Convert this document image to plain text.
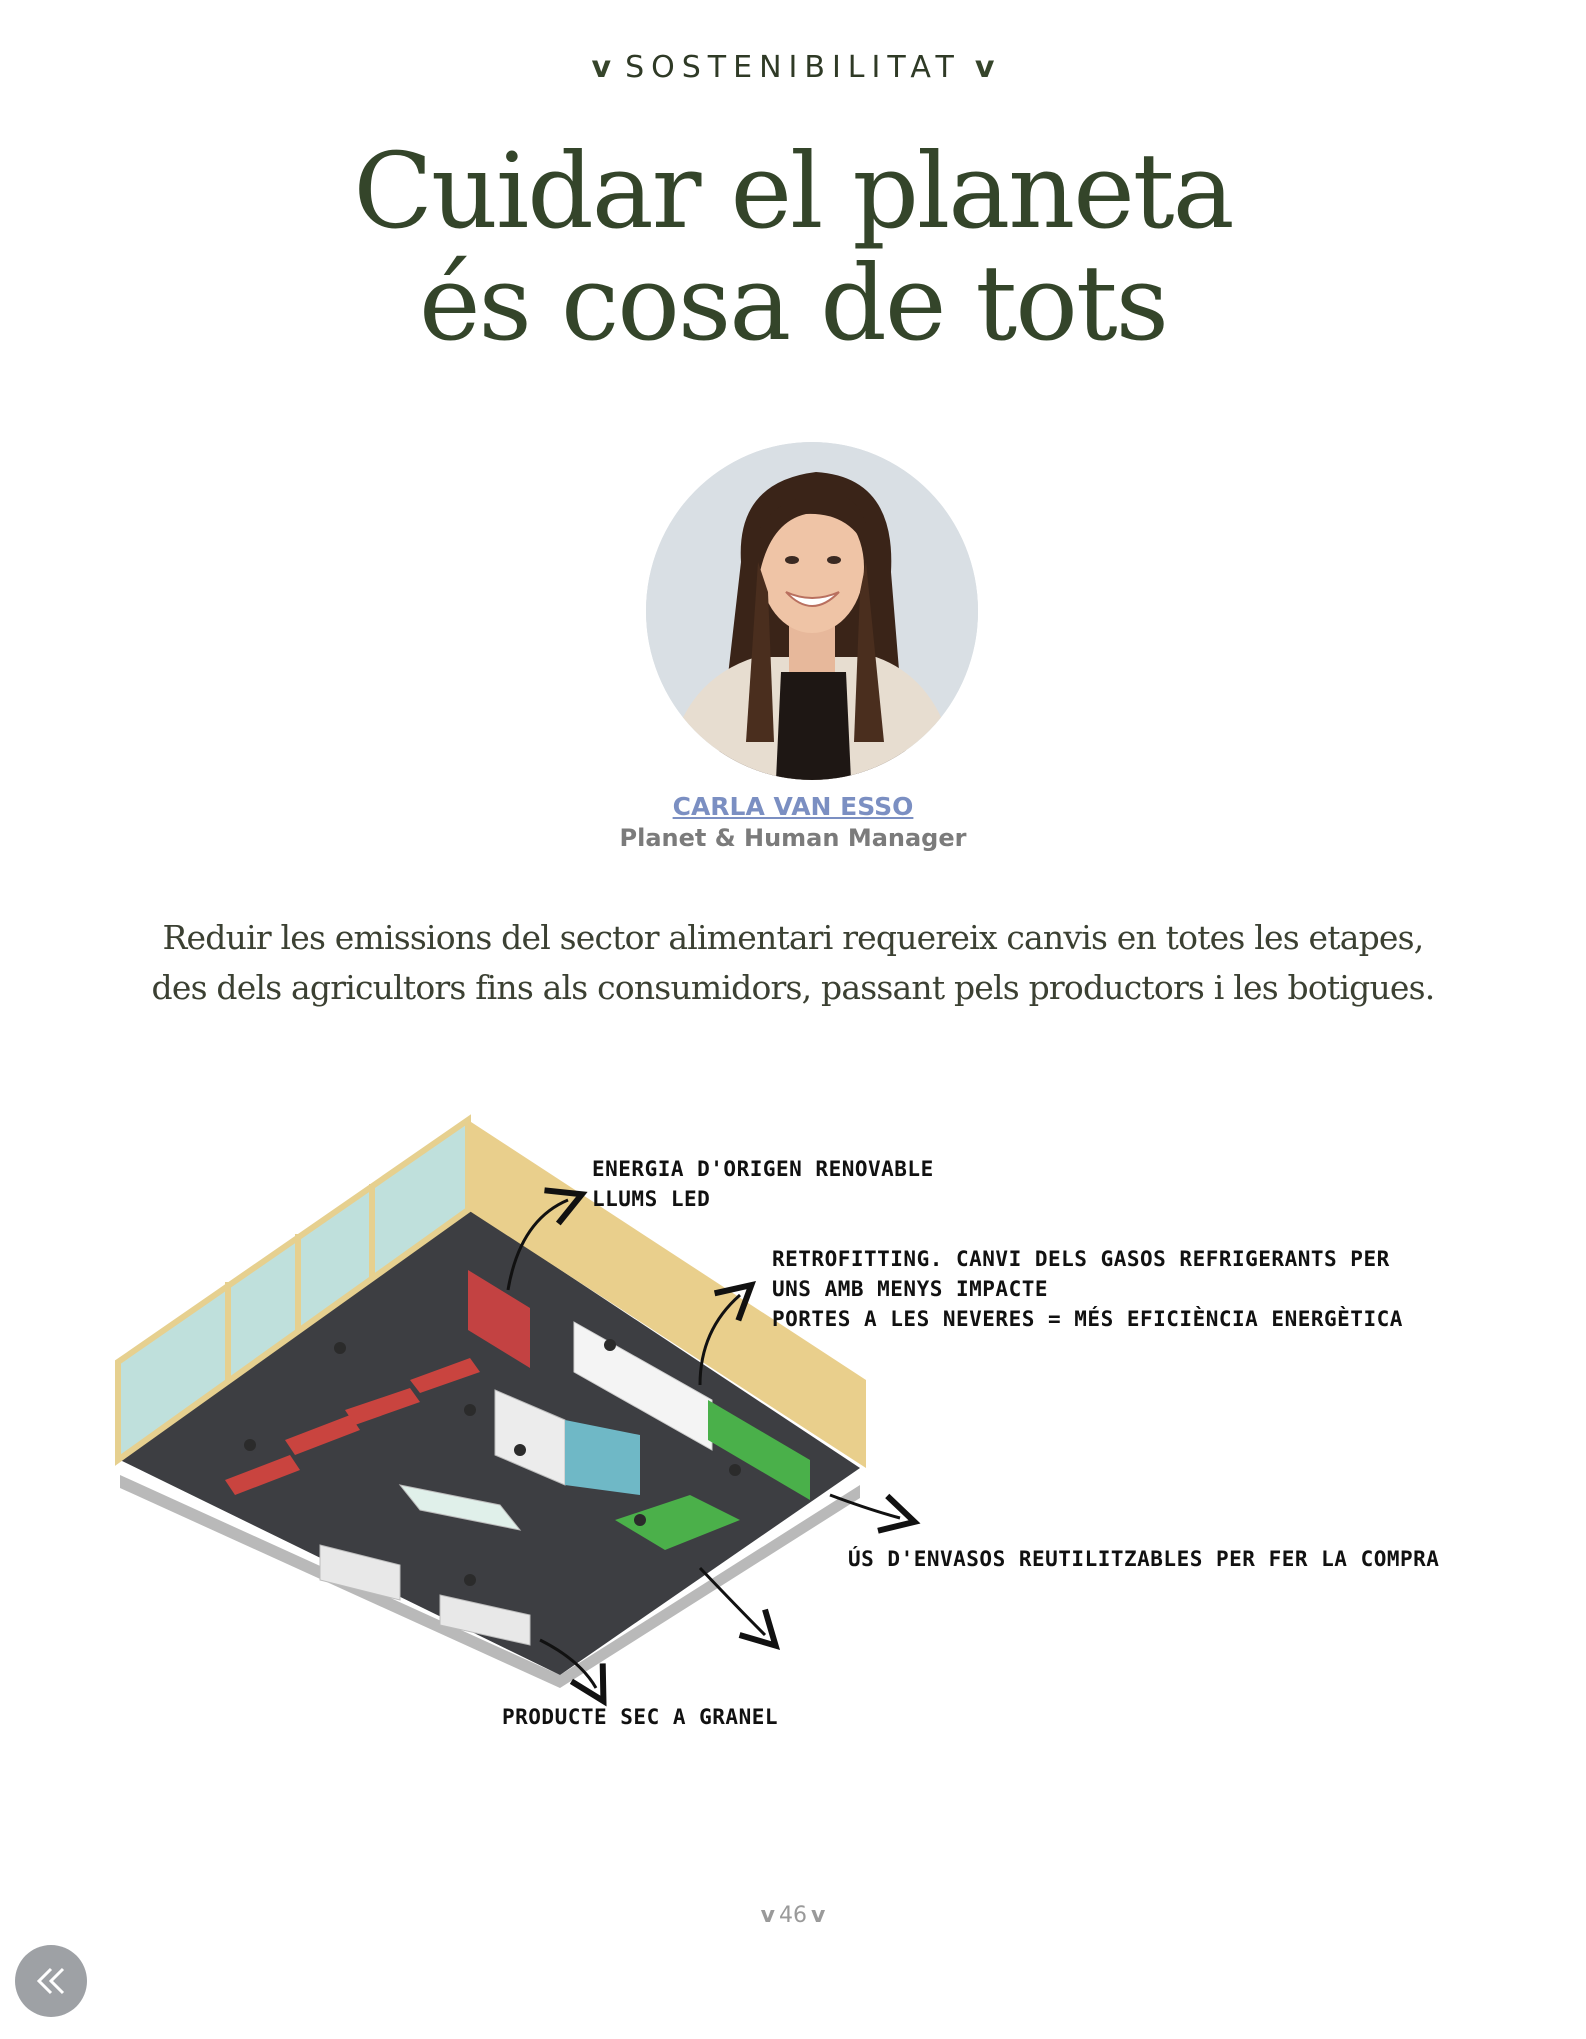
v SOSTENIBILITAT v
Cuidar el planeta
és cosa de tots
CARLA VAN ESSO
Planet & Human Manager

Reduir les emissions del sector alimentari requereix canvis en totes les etapes, des dels agricultors fins als consumidors, passant pels productors i les botigues.

ENERGIA D'ORIGEN RENOVABLE
LLUMS LED
RETROFITTING. CANVI DELS GASOS REFRIGERANTS PER
UNS AMB MENYS IMPACTE
PORTES A LES NEVERES = MÉS EFICIÈNCIA ENERGÈTICA
ÚS D'ENVASOS REUTILITZABLES PER FER LA COMPRA
PRODUCTE SEC A GRANEL
v 46 v
